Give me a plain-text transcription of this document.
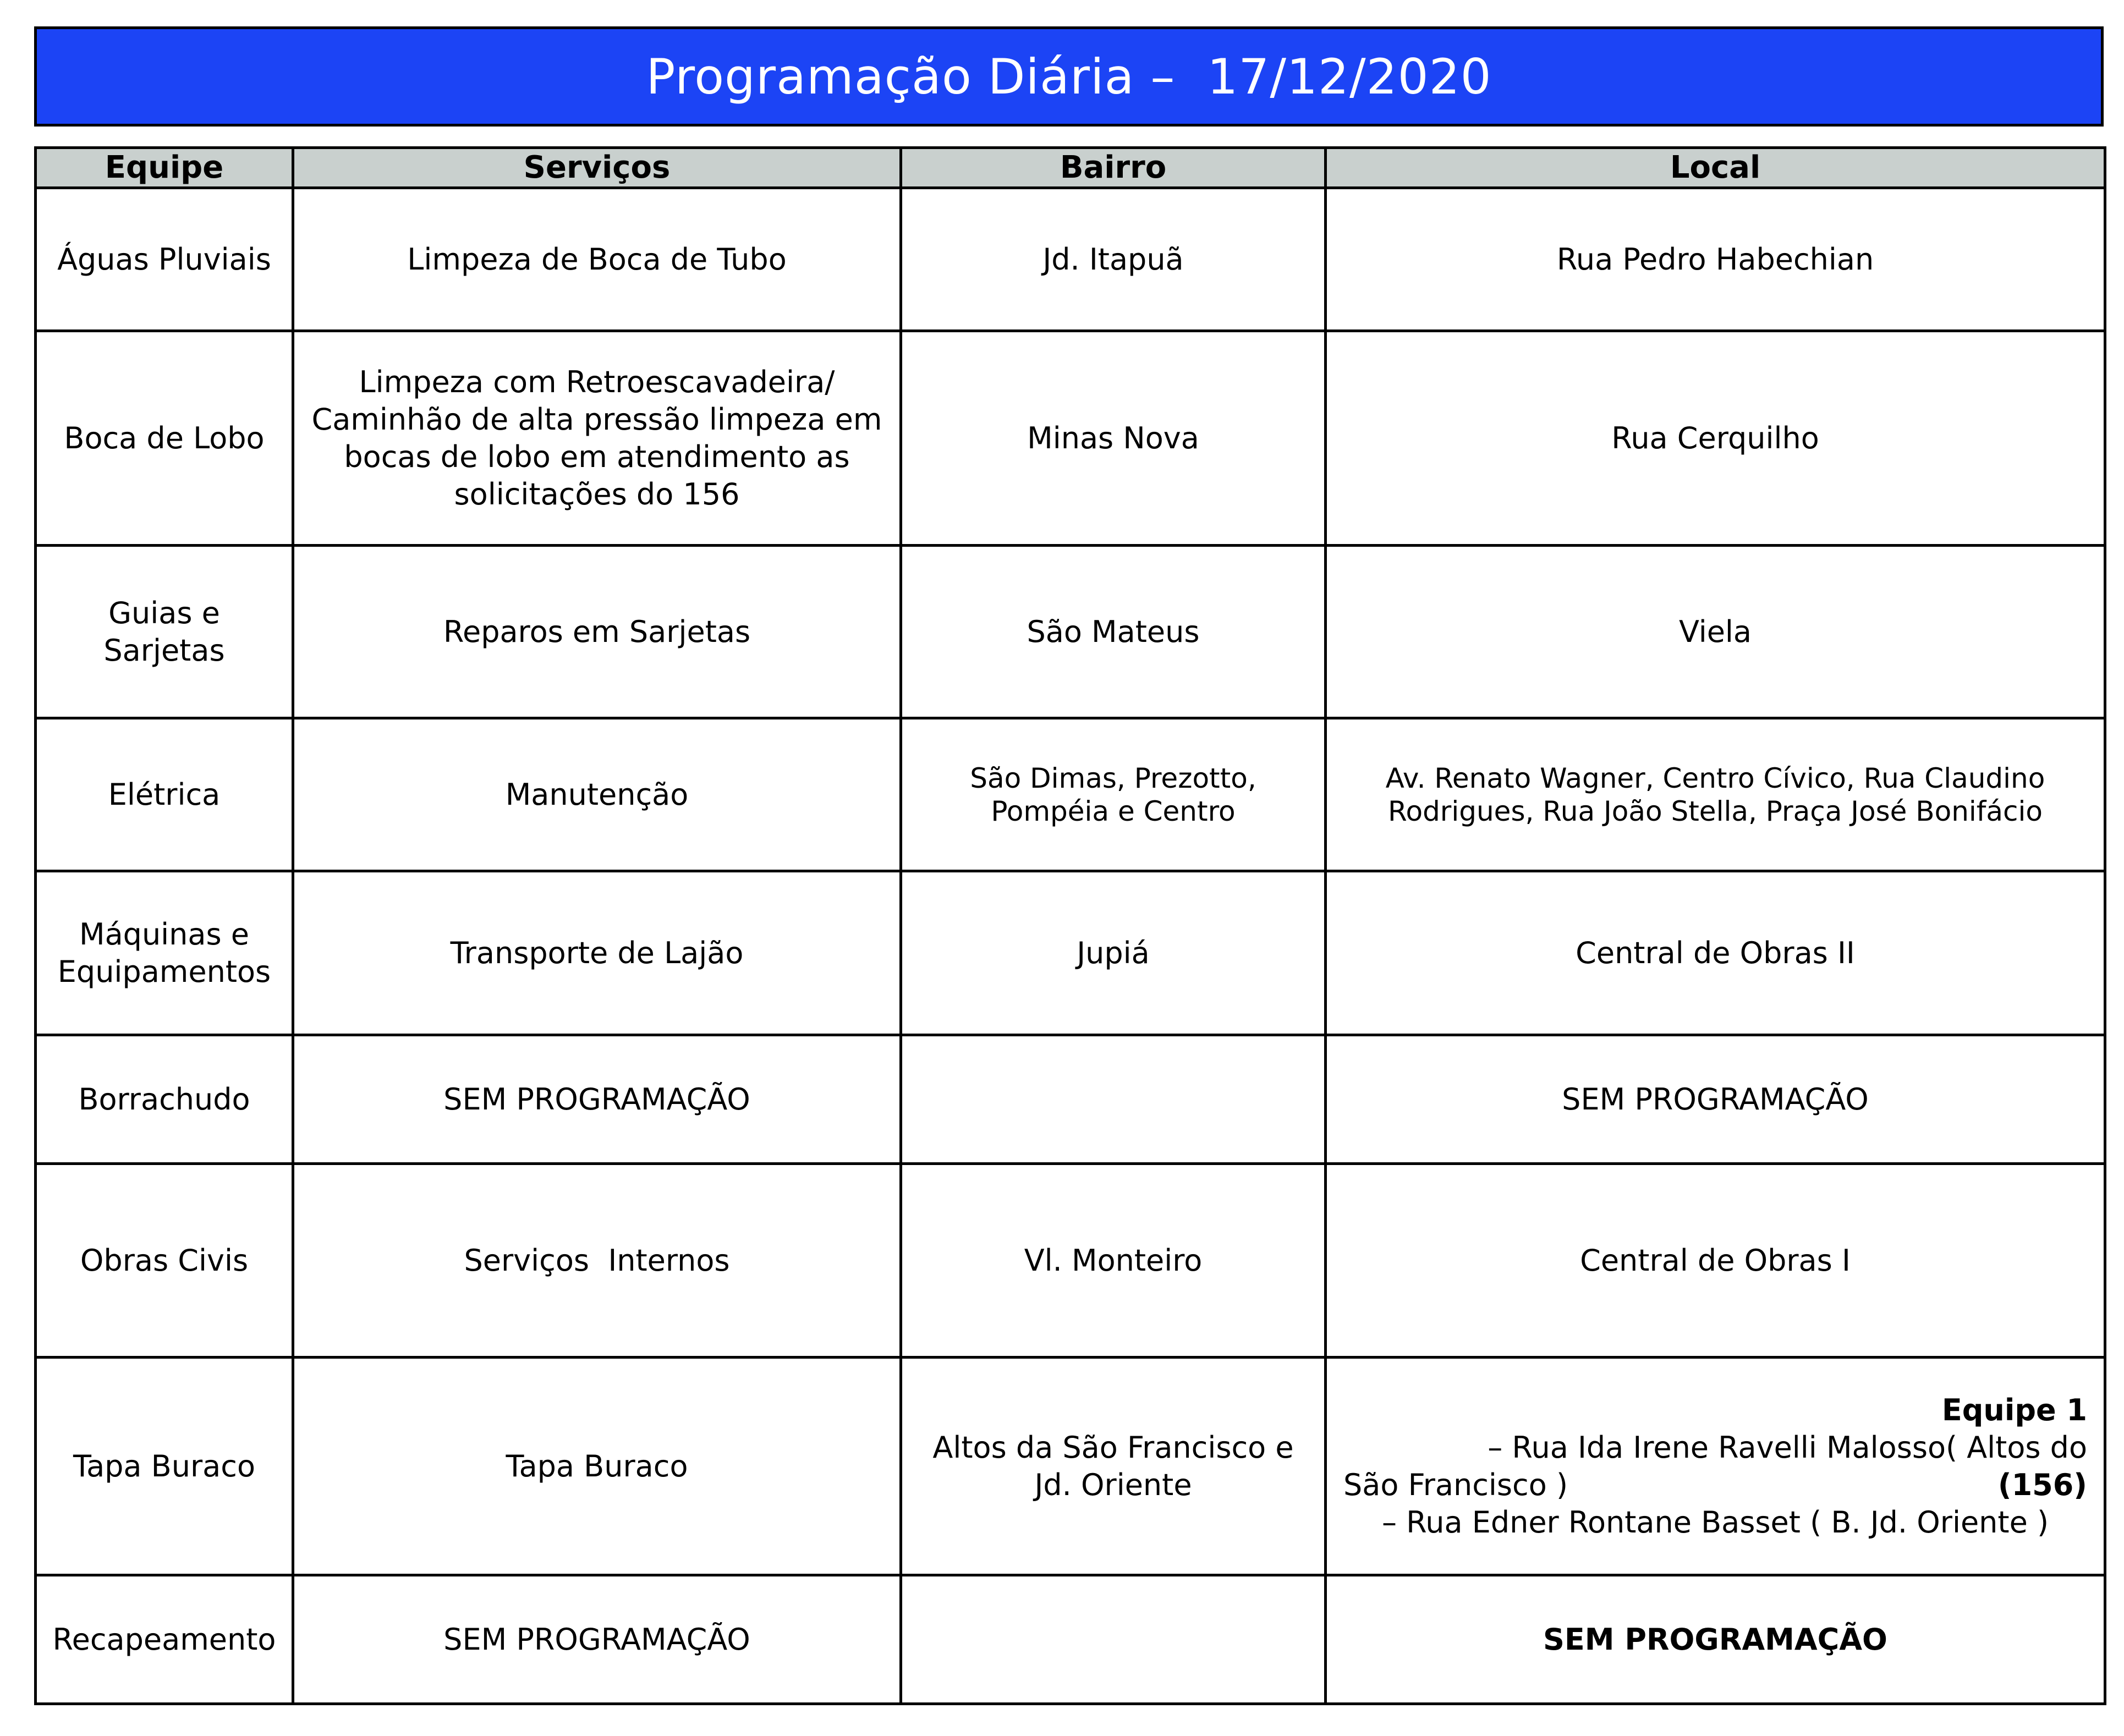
Programação Diária –  17/12/2020
Equipe	Serviços	Bairro	Local
Águas Pluviais	Limpeza de Boca de Tubo	Jd. Itapuã	Rua Pedro Habechian
Boca de Lobo	Limpeza com Retroescavadeira/ Caminhão de alta pressão limpeza em bocas de lobo em atendimento as solicitações do 156	Minas Nova	Rua Cerquilho
Guias e Sarjetas	Reparos em Sarjetas	São Mateus	Viela
Elétrica	Manutenção	São Dimas, Prezotto, Pompéia e Centro	Av. Renato Wagner, Centro Cívico, Rua Claudino Rodrigues, Rua João Stella, Praça José Bonifácio
Máquinas e Equipamentos	Transporte de Lajão	Jupiá	Central de Obras II
Borrachudo	SEM PROGRAMAÇÃO		SEM PROGRAMAÇÃO
Obras Civis	Serviços  Internos	Vl. Monteiro	Central de Obras I
Tapa Buraco	Tapa Buraco	Altos da São Francisco e Jd. Oriente	Equipe 1 – Rua Ida Irene Ravelli Malosso( Altos do
São Francisco ) (156)
– Rua Edner Rontane Basset ( B. Jd. Oriente )

Recapeamento	SEM PROGRAMAÇÃO		SEM PROGRAMAÇÃO
